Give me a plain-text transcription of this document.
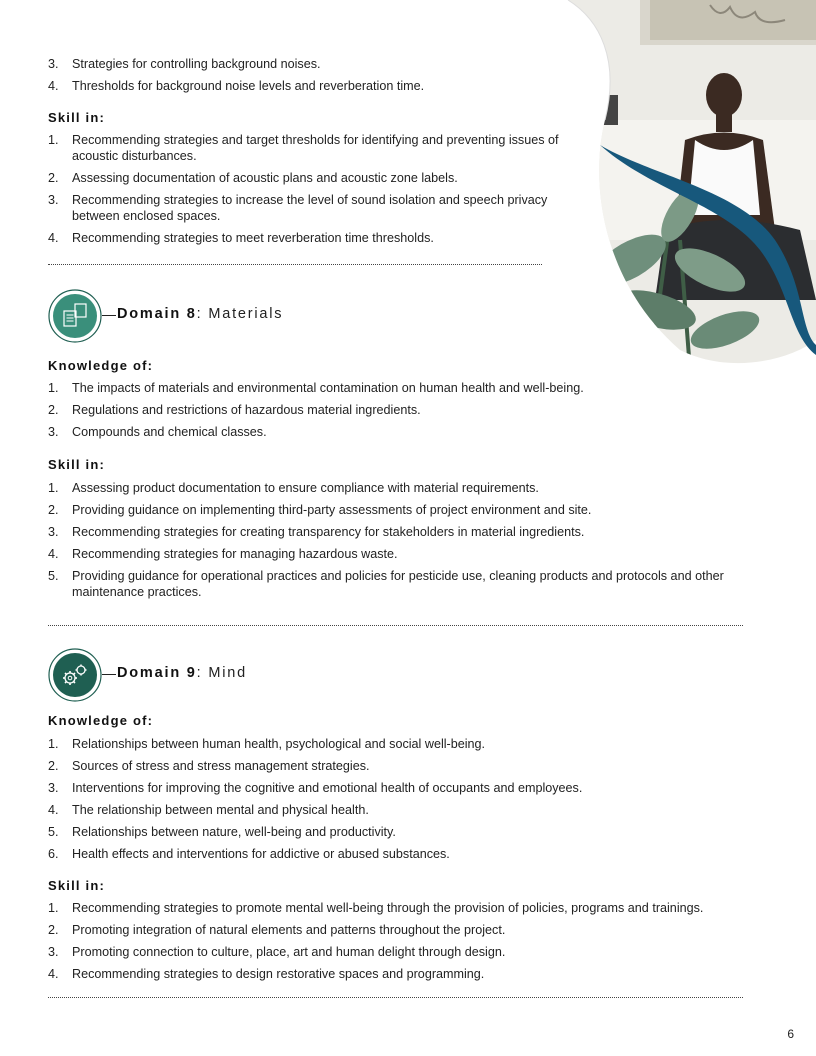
3. Strategies for controlling background noises.
4. Thresholds for background noise levels and reverberation time.
Skill in:
1. Recommending strategies and target thresholds for identifying and preventing issues of acoustic disturbances.
2. Assessing documentation of acoustic plans and acoustic zone labels.
3. Recommending strategies to increase the level of sound isolation and speech privacy between enclosed spaces.
4. Recommending strategies to meet reverberation time thresholds.
Domain 8: Materials
Knowledge of:
1. The impacts of materials and environmental contamination on human health and well-being.
2. Regulations and restrictions of hazardous material ingredients.
3. Compounds and chemical classes.
Skill in:
1. Assessing product documentation to ensure compliance with material requirements.
2. Providing guidance on implementing third-party assessments of project environment and site.
3. Recommending strategies for creating transparency for stakeholders in material ingredients.
4. Recommending strategies for managing hazardous waste.
5. Providing guidance for operational practices and policies for pesticide use, cleaning products and protocols and other maintenance practices.
Domain 9: Mind
Knowledge of:
1. Relationships between human health, psychological and social well-being.
2. Sources of stress and stress management strategies.
3. Interventions for improving the cognitive and emotional health of occupants and employees.
4. The relationship between mental and physical health.
5. Relationships between nature, well-being and productivity.
6. Health effects and interventions for addictive or abused substances.
Skill in:
1. Recommending strategies to promote mental well-being through the provision of policies, programs and trainings.
2. Promoting integration of natural elements and patterns throughout the project.
3. Promoting connection to culture, place, art and human delight through design.
4. Recommending strategies to design restorative spaces and programming.
6
